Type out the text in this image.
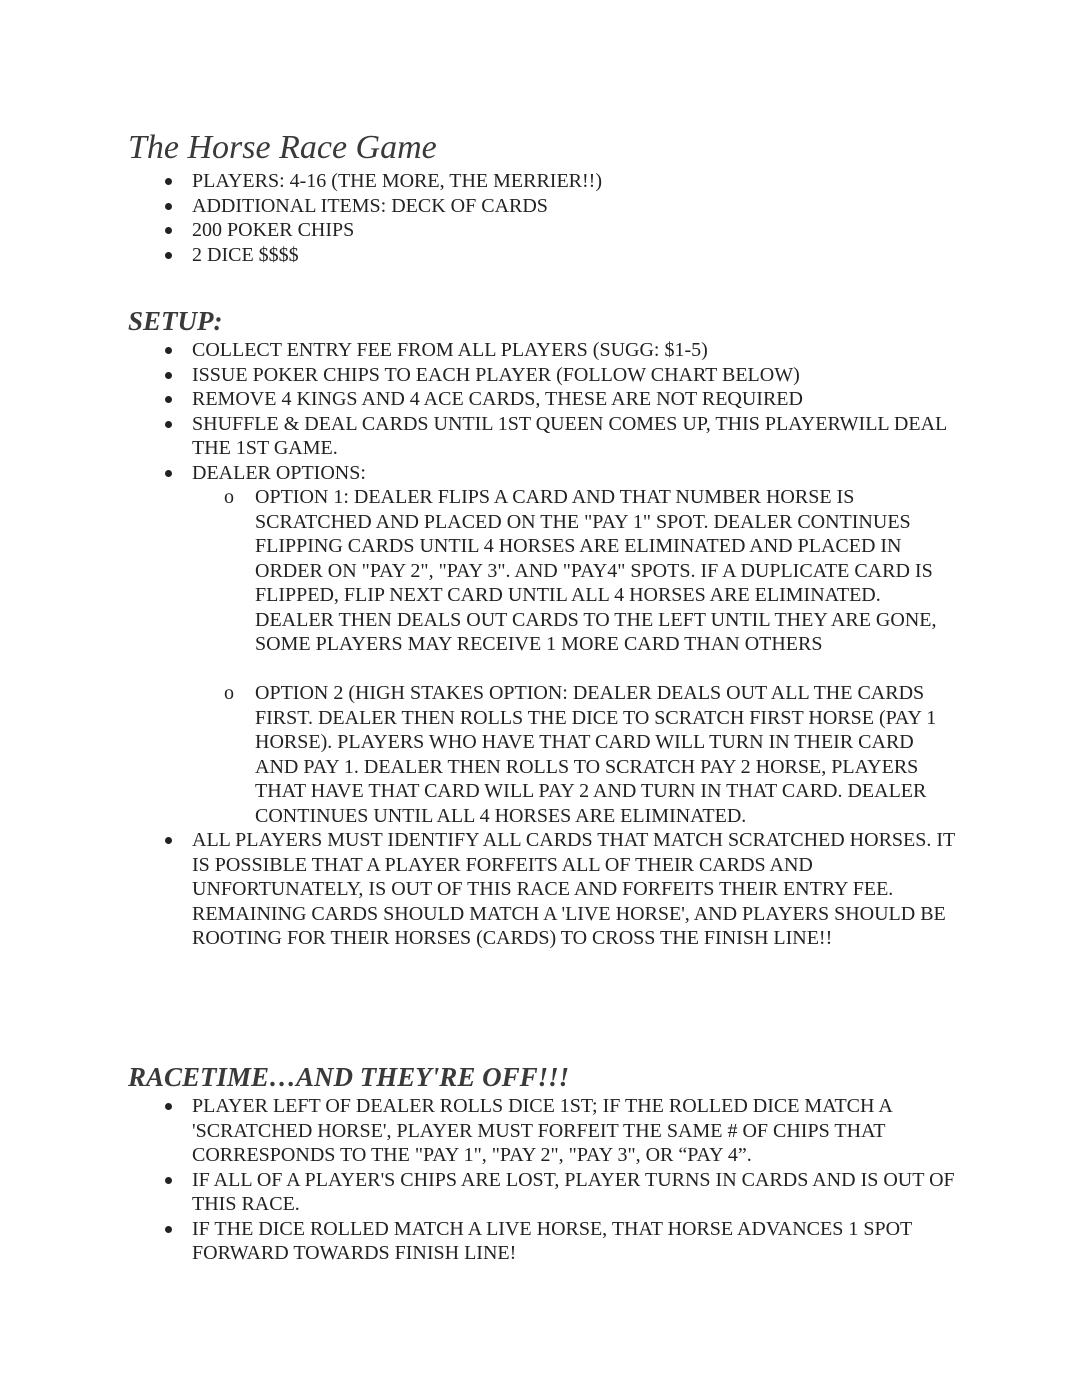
The Horse Race Game
PLAYERS: 4-16 (THE MORE, THE MERRIER!!)
ADDITIONAL ITEMS: DECK OF CARDS
200 POKER CHIPS
2 DICE $$$$
SETUP:
COLLECT ENTRY FEE FROM ALL PLAYERS (SUGG: $1-5)
ISSUE POKER CHIPS TO EACH PLAYER (FOLLOW CHART BELOW)
REMOVE 4 KINGS AND 4 ACE CARDS, THESE ARE NOT REQUIRED
SHUFFLE & DEAL CARDS UNTIL 1ST QUEEN COMES UP, THIS PLAYERWILL DEAL THE 1ST GAME.
DEALER OPTIONS:
o OPTION 1: DEALER FLIPS A CARD AND THAT NUMBER HORSE IS SCRATCHED AND PLACED ON THE "PAY 1" SPOT. DEALER CONTINUES FLIPPING CARDS UNTIL 4 HORSES ARE ELIMINATED AND PLACED IN ORDER ON "PAY 2", "PAY 3". AND "PAY4" SPOTS. IF A DUPLICATE CARD IS FLIPPED, FLIP NEXT CARD UNTIL ALL 4 HORSES ARE ELIMINATED. DEALER THEN DEALS OUT CARDS TO THE LEFT UNTIL THEY ARE GONE, SOME PLAYERS MAY RECEIVE 1 MORE CARD THAN OTHERS
o OPTION 2 (HIGH STAKES OPTION: DEALER DEALS OUT ALL THE CARDS FIRST. DEALER THEN ROLLS THE DICE TO SCRATCH FIRST HORSE (PAY 1 HORSE). PLAYERS WHO HAVE THAT CARD WILL TURN IN THEIR CARD AND PAY 1. DEALER THEN ROLLS TO SCRATCH PAY 2 HORSE, PLAYERS THAT HAVE THAT CARD WILL PAY 2 AND TURN IN THAT CARD. DEALER CONTINUES UNTIL ALL 4 HORSES ARE ELIMINATED.
ALL PLAYERS MUST IDENTIFY ALL CARDS THAT MATCH SCRATCHED HORSES. IT IS POSSIBLE THAT A PLAYER FORFEITS ALL OF THEIR CARDS AND UNFORTUNATELY, IS OUT OF THIS RACE AND FORFEITS THEIR ENTRY FEE. REMAINING CARDS SHOULD MATCH A 'LIVE HORSE', AND PLAYERS SHOULD BE ROOTING FOR THEIR HORSES (CARDS) TO CROSS THE FINISH LINE!!
RACETIME…AND THEY'RE OFF!!!
PLAYER LEFT OF DEALER ROLLS DICE 1ST; IF THE ROLLED DICE MATCH A 'SCRATCHED HORSE', PLAYER MUST FORFEIT THE SAME # OF CHIPS THAT CORRESPONDS TO THE "PAY 1", "PAY 2", "PAY 3", OR “PAY 4”.
IF ALL OF A PLAYER'S CHIPS ARE LOST, PLAYER TURNS IN CARDS AND IS OUT OF THIS RACE.
IF THE DICE ROLLED MATCH A LIVE HORSE, THAT HORSE ADVANCES 1 SPOT FORWARD TOWARDS FINISH LINE!
